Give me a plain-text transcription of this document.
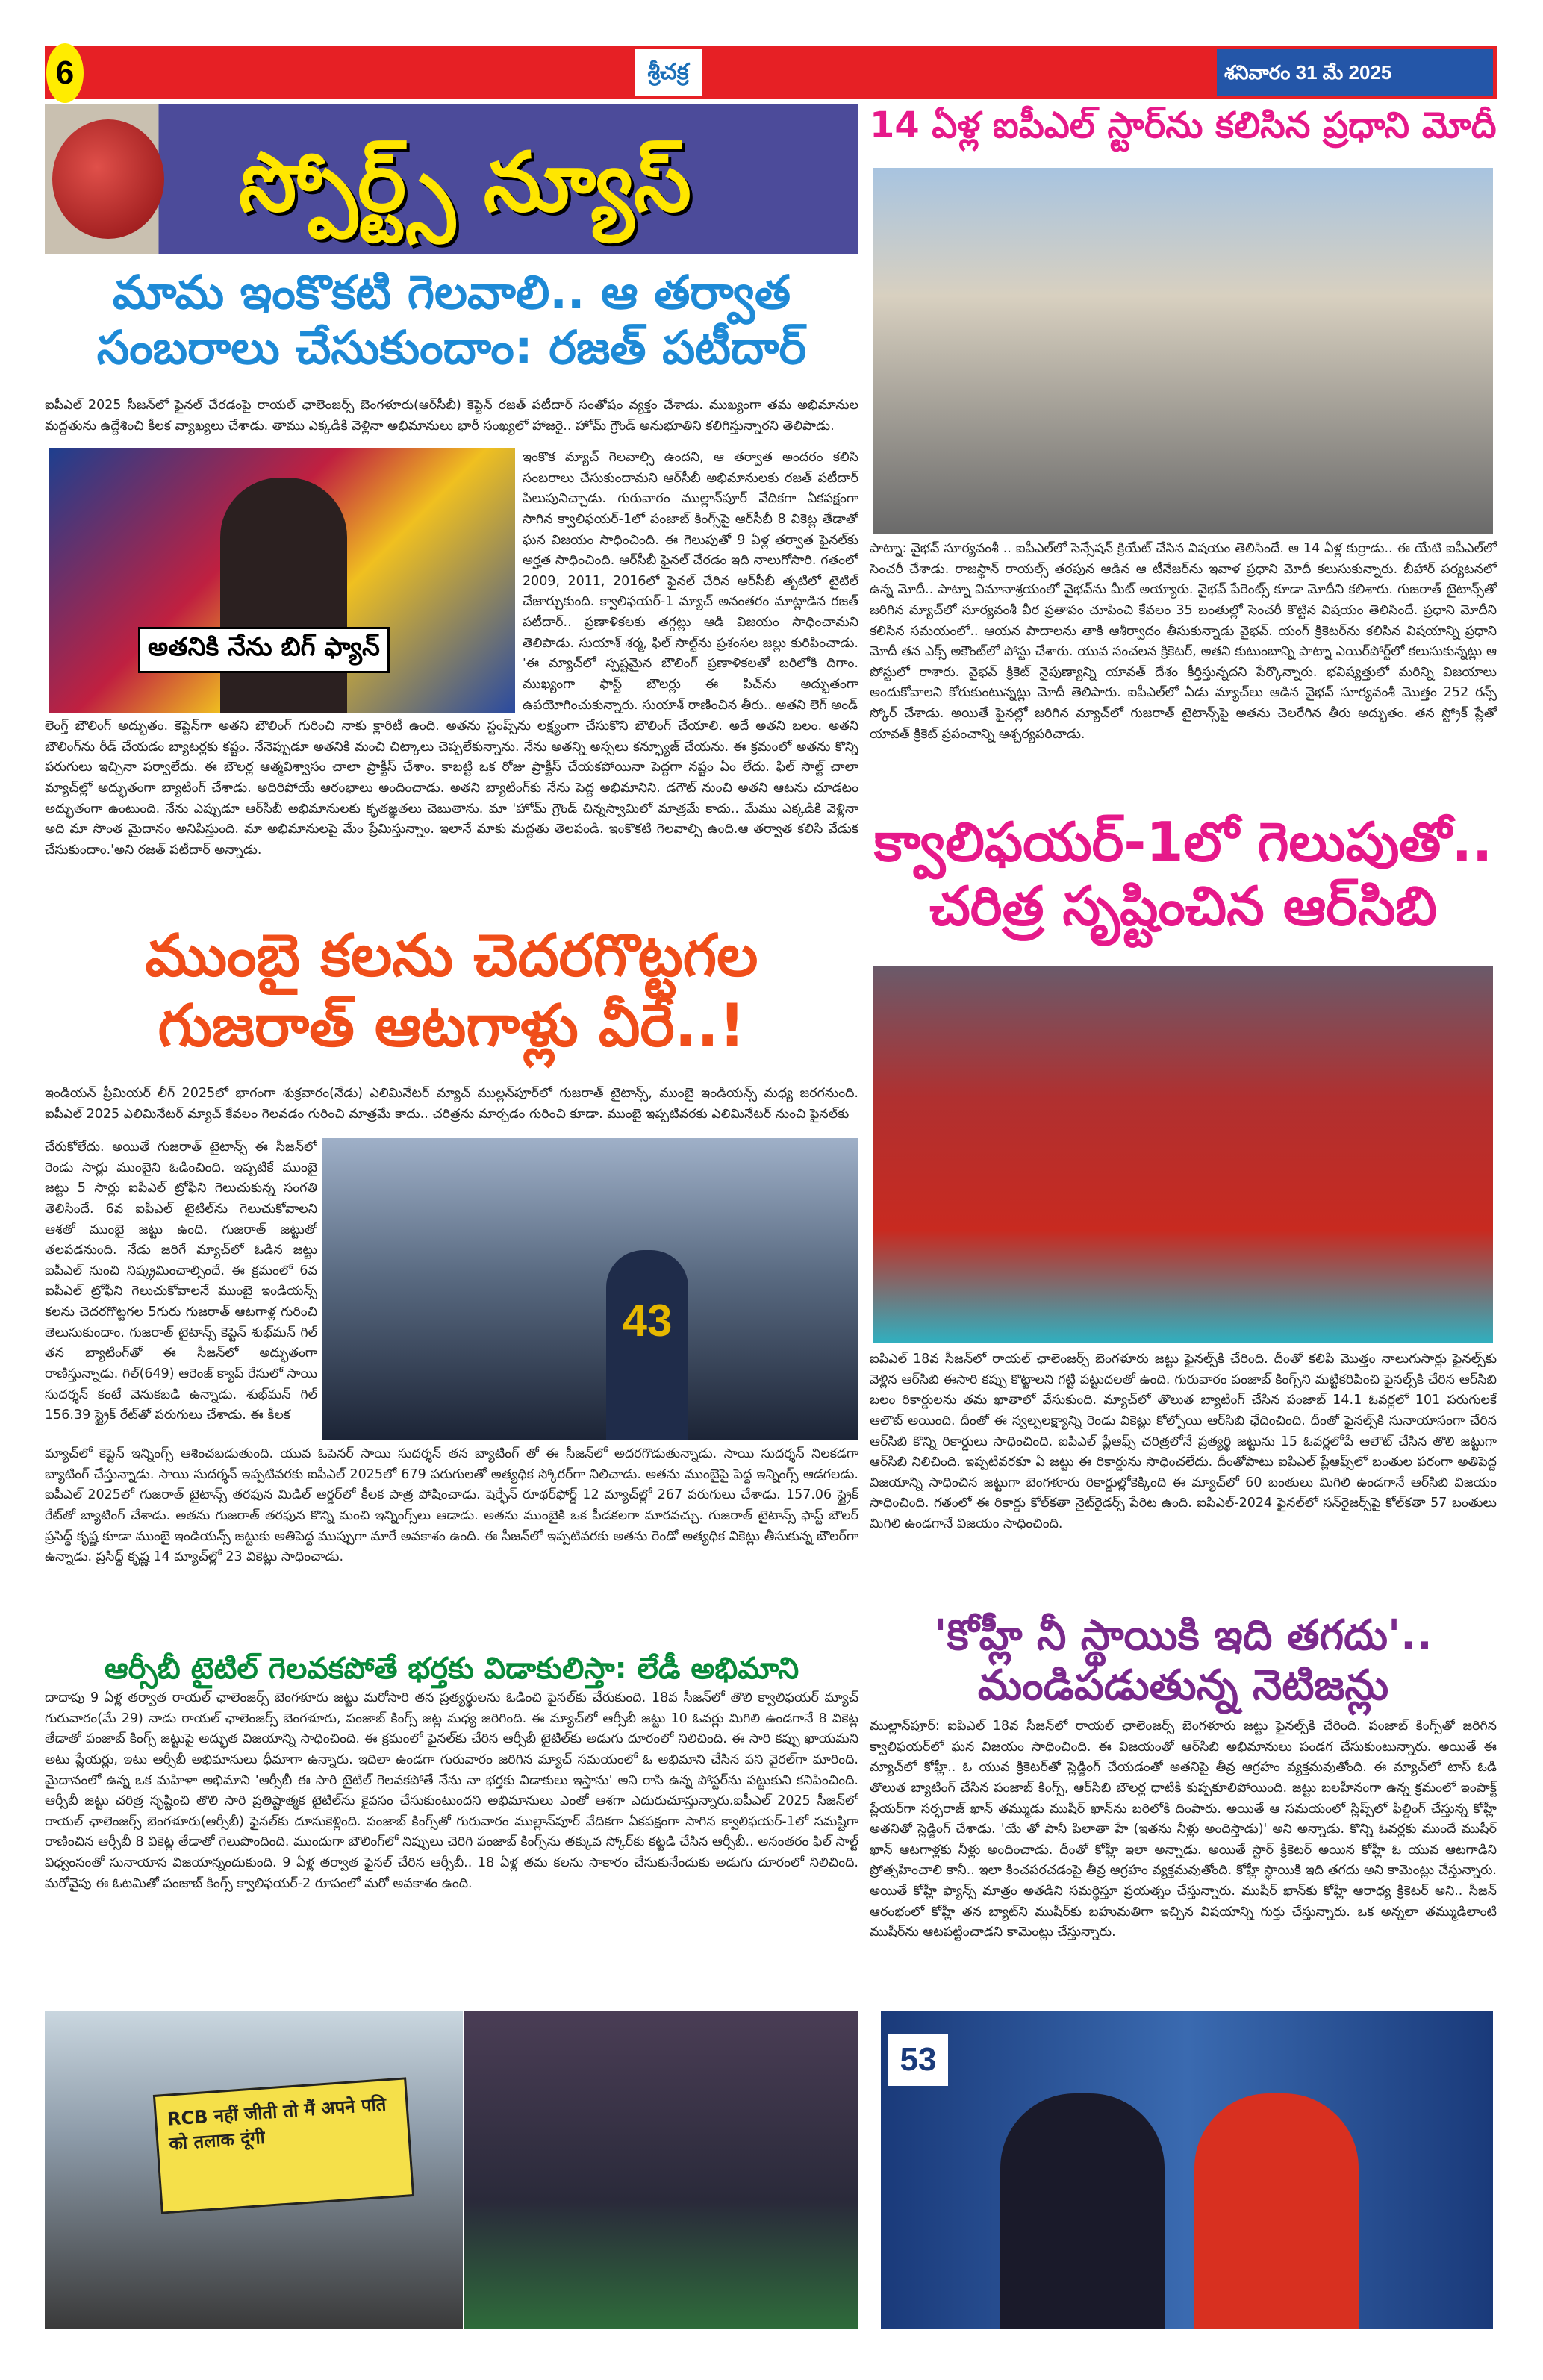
6	శ్రీచక్ర	శనివారం 31 మే 2025
స్పోర్ట్స్ న్యూస్
మామ ఇంకొకటి గెలవాలి.. ఆ తర్వాత
సంబరాలు చేసుకుందాం: రజత్ పటీదార్
అతనికి నేను బిగ్ ఫ్యాన్
ఐపీఎల్ 2025 సీజన్‌లో ఫైనల్ చేరడంపై రాయల్ ఛాలెంజర్స్ బెంగళూరు(ఆర్‌సీబీ) కెప్టెన్ రజత్ పటీదార్ సంతోషం వ్యక్తం చేశాడు. ముఖ్యంగా తమ అభిమానుల మద్దతును ఉద్దేశించి కీలక వ్యాఖ్యలు చేశాడు. తాము ఎక్కడికి వెళ్లినా అభిమానులు భారీ సంఖ్యలో హాజరై.. హోమ్ గ్రౌండ్ అనుభూతిని కలిగిస్తున్నారని తెలిపాడు.
ఇంకొక మ్యాచ్ గెలవాల్సి ఉందని, ఆ తర్వాత అందరం కలిసి సంబరాలు చేసుకుందామని ఆర్‌సీబీ అభిమానులకు రజత్ పటీదార్ పిలుపునిచ్చాడు. గురువారం ముల్లాన్‌పూర్ వేదికగా ఏకపక్షంగా సాగిన క్వాలిఫయర్-1లో పంజాబ్ కింగ్స్‌పై ఆర్‌సీబీ 8 వికెట్ల తేడాతో ఘన విజయం సాధించింది. ఈ గెలుపుతో 9 ఏళ్ల తర్వాత ఫైనల్‌కు అర్హత సాధించింది. ఆర్‌సీబీ ఫైనల్ చేరడం ఇది నాలుగోసారి. గతంలో 2009, 2011, 2016లో ఫైనల్ చేరిన ఆర్‌సీబీ తృటిలో టైటిల్ చేజార్చుకుంది. క్వాలిఫయర్-1 మ్యాచ్ అనంతరం మాట్లాడిన రజత్ పటీదార్.. ప్రణాళికలకు తగ్గట్లు ఆడి విజయం సాధించామని తెలిపాడు. సుయాశ్ శర్మ, ఫిల్ సాల్ట్‌ను ప్రశంసల జల్లు కురిపించాడు. 'ఈ మ్యాచ్‌లో స్పష్టమైన బౌలింగ్ ప్రణాళికలతో బరిలోకి దిగాం. ముఖ్యంగా ఫాస్ట్ బౌలర్లు ఈ పిచ్‌ను అద్భుతంగా ఉపయోగించుకున్నారు. సుయాశ్ రాణించిన తీరు.. అతని లెగ్ అండ్
లెంగ్త్ బౌలింగ్ అద్భుతం. కెప్టెన్‌గా అతని బౌలింగ్ గురించి నాకు క్లారిటీ ఉంది. అతను స్టంప్స్‌ను లక్ష్యంగా చేసుకొని బౌలింగ్ చేయాలి. అదే అతని బలం. అతని బౌలింగ్‌ను రీడ్ చేయడం బ్యాటర్లకు కష్టం. నేనెప్పుడూ అతనికి మంచి చిట్కాలు చెప్పలేకున్నాను. నేను అతన్ని అస్సలు కన్ఫ్యూజ్ చేయను. ఈ క్రమంలో అతను కొన్ని పరుగులు ఇచ్చినా పర్వాలేదు. ఈ బౌలర్ల ఆత్మవిశ్వాసం చాలా ప్రాక్టీస్ చేశాం. కాబట్టి ఒక రోజు ప్రాక్టీస్ చేయకపోయినా పెద్దగా నష్టం ఏం లేదు. ఫిల్ సాల్ట్ చాలా మ్యాచ్‌ల్లో అద్భుతంగా బ్యాటింగ్ చేశాడు. అదిరిపోయే ఆరంభాలు అందించాడు. అతని బ్యాటింగ్‌కు నేను పెద్ద అభిమానిని. డగౌట్ నుంచి అతని ఆటను చూడటం అద్భుతంగా ఉంటుంది. నేను ఎప్పుడూ ఆర్‌సీబీ అభిమానులకు కృతజ్ఞతలు చెబుతాను. మా 'హోమ్ గ్రౌండ్ చిన్నస్వామిలో మాత్రమే కాదు.. మేము ఎక్కడికి వెళ్లినా అది మా సొంత మైదానం అనిపిస్తుంది. మా అభిమానులపై మేం ప్రేమిస్తున్నాం. ఇలానే మాకు మద్దతు తెలపండి. ఇంకొకటి గెలవాల్సి ఉంది.ఆ తర్వాత కలిసి వేడుక చేసుకుందాం.'అని రజత్ పటీదార్ అన్నాడు.
ముంబై కలను చెదరగొట్టగల
గుజరాత్ ఆటగాళ్లు వీరే..!
ఇండియన్ ప్రీమియర్ లీగ్ 2025లో భాగంగా శుక్రవారం(నేడు) ఎలిమినేటర్ మ్యాచ్ ముల్లన్‌పూర్‌లో గుజరాత్ టైటాన్స్, ముంబై ఇండియన్స్ మధ్య జరగనుంది. ఐపీఎల్ 2025 ఎలిమినేటర్ మ్యాచ్ కేవలం గెలవడం గురించి మాత్రమే కాదు.. చరిత్రను మార్చడం గురించి కూడా. ముంబై ఇప్పటివరకు ఎలిమినేటర్ నుంచి ఫైనల్‌కు
చేరుకోలేదు. అయితే గుజరాత్ టైటాన్స్ ఈ సీజన్‌లో రెండు సార్లు ముంబైని ఓడించింది. ఇప్పటికే ముంబై జట్టు 5 సార్లు ఐపీఎల్ ట్రోఫీని గెలుచుకున్న సంగతి తెలిసిందే. 6వ ఐపీఎల్ టైటిల్‌ను గెలుచుకోవాలని ఆశతో ముంబై జట్టు ఉంది. గుజరాత్ జట్టుతో తలపడనుంది. నేడు జరిగే మ్యాచ్‌లో ఓడిన జట్టు ఐపీఎల్ నుంచి నిష్క్రమించాల్సిందే. ఈ క్రమంలో 6వ ఐపీఎల్ ట్రోఫీని గెలుచుకోవాలనే ముంబై ఇండియన్స్ కలను చెదరగొట్టగల 5గురు గుజరాత్ ఆటగాళ్ల గురించి తెలుసుకుందాం. గుజరాత్ టైటాన్స్ కెప్టెన్ శుభ్‌మన్ గిల్ తన బ్యాటింగ్‌తో ఈ సీజన్‌లో అద్భుతంగా రాణిస్తున్నాడు. గిల్(649) ఆరెంజ్ క్యాప్ రేసులో సాయి సుదర్శన్ కంటే వెనుకబడి ఉన్నాడు. శుభ్‌మన్ గిల్ 156.39 స్ట్రైక్ రేట్‌తో పరుగులు చేశాడు. ఈ కీలక
43
మ్యాచ్‌లో కెప్టెన్ ఇన్నింగ్స్ ఆశించబడుతుంది. యువ ఓపెనర్ సాయి సుదర్శన్ తన బ్యాటింగ్ తో ఈ సీజన్‌లో అదరగొడుతున్నాడు. సాయి సుదర్శన్ నిలకడగా బ్యాటింగ్ చేస్తున్నాడు. సాయి సుదర్శన్ ఇప్పటివరకు ఐపీఎల్ 2025లో 679 పరుగులతో అత్యధిక స్కోరర్‌గా నిలిచాడు. అతను ముంబైపై పెద్ద ఇన్నింగ్స్ ఆడగలడు. ఐపీఎల్ 2025లో గుజరాత్ టైటాన్స్ తరఫున మిడిల్ ఆర్డర్‌లో కీలక పాత్ర పోషించాడు. షెర్ఫేన్ రూథర్‌ఫోర్డ్ 12 మ్యాచ్‌ల్లో 267 పరుగులు చేశాడు. 157.06 స్ట్రైక్ రేట్‌తో బ్యాటింగ్ చేశాడు. అతను గుజరాత్ తరఫున కొన్ని మంచి ఇన్నింగ్స్‌లు ఆడాడు. అతను ముంబైకి ఒక పీడకలగా మారవచ్చు. గుజరాత్ టైటాన్స్ ఫాస్ట్ బౌలర్ ప్రసిద్ధ్ కృష్ణ కూడా ముంబై ఇండియన్స్ జట్టుకు అతిపెద్ద ముప్పుగా మారే అవకాశం ఉంది. ఈ సీజన్‌లో ఇప్పటివరకు అతను రెండో అత్యధిక వికెట్లు తీసుకున్న బౌలర్‌గా ఉన్నాడు. ప్రసిద్ధ్ కృష్ణ 14 మ్యాచ్‌ల్లో 23 వికెట్లు సాధించాడు.
ఆర్సీబీ టైటిల్ గెలవకపోతే భర్తకు విడాకులిస్తా: లేడీ అభిమాని
దాదాపు 9 ఏళ్ల తర్వాత రాయల్ ఛాలెంజర్స్ బెంగళూరు జట్టు మరోసారి తన ప్రత్యర్థులను ఓడించి ఫైనల్‌కు చేరుకుంది. 18వ సీజన్‌లో తొలి క్వాలిఫయర్ మ్యాచ్ గురువారం(మే 29) నాడు రాయల్ ఛాలెంజర్స్ బెంగళూరు, పంజాబ్ కింగ్స్ జట్ల మధ్య జరిగింది. ఈ మ్యాచ్‌లో ఆర్సీబీ జట్టు 10 ఓవర్లు మిగిలి ఉండగానే 8 వికెట్ల తేడాతో పంజాబ్ కింగ్స్ జట్టుపై అద్భుత విజయాన్ని సాధించింది. ఈ క్రమంలో ఫైనల్‌కు చేరిన ఆర్సీబీ టైటిల్‌కు అడుగు దూరంలో నిలిచింది. ఈ సారి కప్పు ఖాయమని అటు ప్లేయర్లు, ఇటు ఆర్సీబీ అభిమానులు ధీమాగా ఉన్నారు. ఇదిలా ఉండగా గురువారం జరిగిన మ్యాచ్ సమయంలో ఓ అభిమాని చేసిన పని వైరల్‌గా మారింది. మైదానంలో ఉన్న ఒక మహిళా అభిమాని 'ఆర్సీబీ ఈ సారి టైటిల్ గెలవకపోతే నేను నా భర్తకు విడాకులు ఇస్తాను' అని రాసి ఉన్న పోస్టర్‌ను పట్టుకుని కనిపించింది. ఆర్సీబీ జట్టు చరిత్ర సృష్టించి తొలి సారి ప్రతిష్టాత్మక టైటిల్‌ను కైవసం చేసుకుంటుందని అభిమానులు ఎంతో ఆశగా ఎదురుచూస్తున్నారు.ఐపీఎల్ 2025 సీజన్‌లో రాయల్ ఛాలెంజర్స్ బెంగళూరు(ఆర్సీబీ) ఫైనల్‌కు దూసుకెళ్లింది. పంజాబ్ కింగ్స్‌తో గురువారం ముల్లాన్‌పూర్ వేదికగా ఏకపక్షంగా సాగిన క్వాలిఫయర్-1లో సమష్టిగా రాణించిన ఆర్సీబీ 8 వికెట్ల తేడాతో గెలుపొందింది. ముందుగా బౌలింగ్‌లో నిప్పులు చెరిగి పంజాబ్ కింగ్స్‌ను తక్కువ స్కోర్‌కు కట్టడి చేసిన ఆర్సీబీ.. అనంతరం ఫిల్ సాల్ట్ విధ్వంసంతో సునాయాస విజయాన్నందుకుంది. 9 ఏళ్ల తర్వాత ఫైనల్ చేరిన ఆర్సీబీ.. 18 ఏళ్ల తమ కలను సాకారం చేసుకునేందుకు అడుగు దూరంలో నిలిచింది. మరోవైపు ఈ ఓటమితో పంజాబ్ కింగ్స్ క్వాలిఫయర్-2 రూపంలో మరో అవకాశం ఉంది.
RCB नहीं जीती तो मैं अपने पति को तलाक दूंगी
14 ఏళ్ల ఐపీఎల్ స్టార్‌ను కలిసిన ప్రధాని మోదీ
పాట్నా: వైభవ్ సూర్యవంశీ .. ఐపీఎల్‌లో సెన్సేషన్ క్రియేట్ చేసిన విషయం తెలిసిందే. ఆ 14 ఏళ్ల కుర్రాడు.. ఈ యేటి ఐపీఎల్‌లో సెంచరీ చేశాడు. రాజస్థాన్ రాయల్స్ తరపున ఆడిన ఆ టీనేజర్‌ను ఇవాళ ప్రధాని మోదీ కలుసుకున్నారు. బీహార్ పర్యటనలో ఉన్న మోదీ.. పాట్నా విమానాశ్రయంలో వైభవ్‌ను మీట్ అయ్యారు. వైభవ్ పేరెంట్స్ కూడా మోదీని కలిశారు. గుజరాత్ టైటాన్స్‌తో జరిగిన మ్యాచ్‌లో సూర్యవంశీ వీర ప్రతాపం చూపించి కేవలం 35 బంతుల్లో సెంచరీ కొట్టిన విషయం తెలిసిందే. ప్రధాని మోదీని కలిసిన సమయంలో.. ఆయన పాదాలను తాకి ఆశీర్వాదం తీసుకున్నాడు వైభవ్. యంగ్ క్రికెటర్‌ను కలిసిన విషయాన్ని ప్రధాని మోదీ తన ఎక్స్ అకౌంట్‌లో పోస్టు చేశారు. యువ సంచలన క్రికెటర్, అతని కుటుంబాన్ని పాట్నా ఎయిర్‌పోర్ట్‌లో కలుసుకున్నట్లు ఆ పోస్టులో రాశారు. వైభవ్ క్రికెట్ నైపుణ్యాన్ని యావత్ దేశం కీర్తిస్తున్నదని పేర్కొన్నారు. భవిష్యత్తులో మరిన్ని విజయాలు అందుకోవాలని కోరుకుంటున్నట్లు మోదీ తెలిపారు. ఐపీఎల్‌లో ఏడు మ్యాచ్‌లు ఆడిన వైభవ్ సూర్యవంశీ మొత్తం 252 రన్స్ స్కోర్ చేశాడు. అయితే ఫైనల్లో జరిగిన మ్యాచ్‌లో గుజరాత్ టైటాన్స్‌పై అతను చెలరేగిన తీరు అద్భుతం. తన స్ట్రోక్ ప్లేతో యావత్ క్రికెట్ ప్రపంచాన్ని ఆశ్చర్యపరిచాడు.
క్వాలిఫయర్-1లో గెలుపుతో..
చరిత్ర సృష్టించిన ఆర్‌సిబి
ఐపిఎల్ 18వ సీజన్‌లో రాయల్ ఛాలెంజర్స్ బెంగళూరు జట్టు ఫైనల్స్‌కి చేరింది. దీంతో కలిపి మొత్తం నాలుగుసార్లు ఫైనల్స్‌కు వెళ్లిన ఆర్‌సిబి ఈసారి కప్పు కొట్టాలని గట్టి పట్టుదలతో ఉంది. గురువారం పంజాబ్ కింగ్స్‌ని మట్టికరిపించి ఫైనల్స్‌కి చేరిన ఆర్‌సిబి బలం రికార్డులను తమ ఖాతాలో వేసుకుంది. మ్యాచ్‌లో తొలుత బ్యాటింగ్ చేసిన పంజాబ్ 14.1 ఓవర్లలో 101 పరుగులకే ఆలౌట్ అయింది. దీంతో ఈ స్వల్పలక్ష్యాన్ని రెండు వికెట్లు కోల్పోయి ఆర్‌సిబి ఛేదించింది. దీంతో ఫైనల్స్‌కి సునాయాసంగా చేరిన ఆర్‌సిబి కొన్ని రికార్డులు సాధించింది. ఐపిఎల్ ప్లేఆఫ్స్ చరిత్రలోనే ప్రత్యర్థి జట్టును 15 ఓవర్లలోపే ఆలౌట్ చేసిన తొలి జట్టుగా ఆర్‌సిబి నిలిచింది. ఇప్పటివరకూ ఏ జట్టు ఈ రికార్డును సాధించలేదు. దీంతోపాటు ఐపిఎల్ ప్లేఆఫ్స్‌లో బంతుల పరంగా అతిపెద్ద విజయాన్ని సాధించిన జట్టుగా బెంగళూరు రికార్డుల్లోకెక్కింది ఈ మ్యాచ్‌లో 60 బంతులు మిగిలి ఉండగానే ఆర్‌సిబి విజయం సాధించింది. గతంలో ఈ రికార్డు కోల్‌కతా నైట్‌రైడర్స్ పేరిట ఉంది. ఐపిఎల్-2024 ఫైనల్‌లో సన్‌రైజర్స్‌పై కోల్‌కతా 57 బంతులు మిగిలి ఉండగానే విజయం సాధించింది.
'కోహ్లీ నీ స్థాయికి ఇది తగదు'..
మండిపడుతున్న నెటిజన్లు
ముల్లాన్‌పూర్: ఐపిఎల్ 18వ సీజన్‌లో రాయల్ ఛాలెంజర్స్ బెంగళూరు జట్టు ఫైనల్స్‌కి చేరింది. పంజాబ్ కింగ్స్‌తో జరిగిన క్వాలిఫయర్‌లో ఘన విజయం సాధించింది. ఈ విజయంతో ఆర్‌సిబి అభిమానులు పండగ చేసుకుంటున్నారు. అయితే ఈ మ్యాచ్‌లో కోహ్లీ.. ఓ యువ క్రికెటర్‌తో స్లెడ్జింగ్ చేయడంతో అతనిపై తీవ్ర ఆగ్రహం వ్యక్తమవుతోంది. ఈ మ్యాచ్‌లో టాస్ ఓడి తొలుత బ్యాటింగ్ చేసిన పంజాబ్ కింగ్స్, ఆర్‌సిబి బౌలర్ల ధాటికి కుప్పకూలిపోయింది. జట్టు బలహీనంగా ఉన్న క్రమంలో ఇంపాక్ట్ ప్లేయర్‌గా సర్ఫరాజ్ ఖాన్ తమ్ముడు ముషీర్ ఖాన్‌ను బరిలోకి దింపారు. అయితే ఆ సమయంలో స్లిప్స్‌లో ఫీల్డింగ్ చేస్తున్న కోహ్లీ అతనితో స్లెడ్జింగ్ చేశాడు. 'యే తో పానీ పిలాతా హే (ఇతను నీళ్లు అందిస్తాడు)' అని అన్నాడు. కొన్ని ఓవర్లకు ముందే ముషీర్ ఖాన్ ఆటగాళ్లకు నీళ్లు అందించాడు. దీంతో కోహ్లీ ఇలా అన్నాడు. అయితే స్టార్ క్రికెటర్ అయిన కోహ్లీ ఓ యువ ఆటగాడిని ప్రోత్సహించాలి కానీ.. ఇలా కించపరచడంపై తీవ్ర ఆగ్రహం వ్యక్తమవుతోంది. కోహ్లీ స్థాయికి ఇది తగదు అని కామెంట్లు చేస్తున్నారు. అయితే కోహ్లీ ఫ్యాన్స్ మాత్రం అతడిని సమర్థిస్తూ ప్రయత్నం చేస్తున్నారు. ముషీర్ ఖాన్‌కు కోహ్లీ ఆరాధ్య క్రికెటర్ అని.. సీజన్ ఆరంభంలో కోహ్లీ తన బ్యాట్‌ని ముషీర్‌కు బహుమతిగా ఇచ్చిన విషయాన్ని గుర్తు చేస్తున్నారు. ఒక అన్నలా తమ్ముడిలాంటి ముషీర్‌ను ఆటపట్టించాడని కామెంట్లు చేస్తున్నారు.
53
